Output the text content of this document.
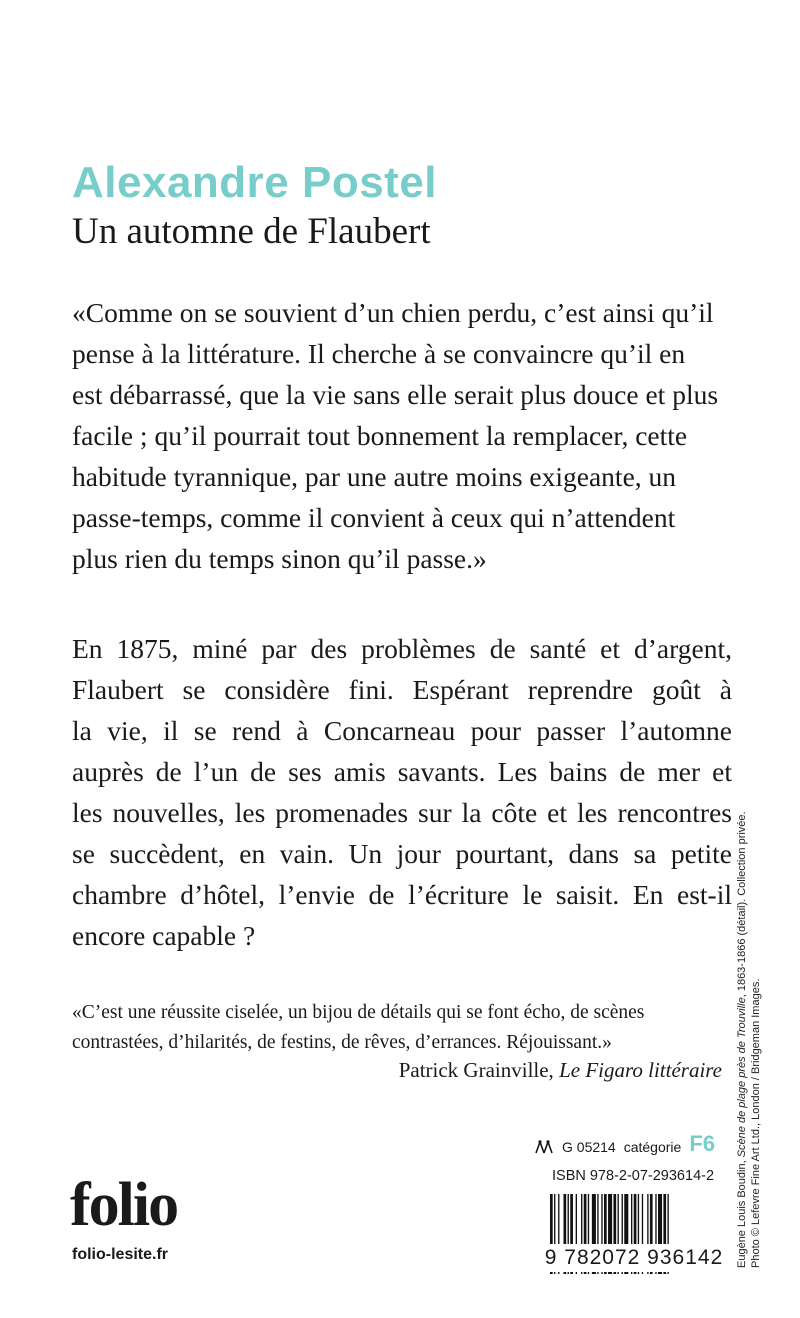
Alexandre Postel
Un automne de Flaubert
«Comme on se souvient d’un chien perdu, c’est ainsi qu’il
pense à la littérature. Il cherche à se convaincre qu’il en
est débarrassé, que la vie sans elle serait plus douce et plus
facile ; qu’il pourrait tout bonnement la remplacer, cette
habitude tyrannique, par une autre moins exigeante, un
passe-temps, comme il convient à ceux qui n’attendent
plus rien du temps sinon qu’il passe.»
En 1875, miné par des problèmes de santé et d’argent,
Flaubert se considère fini. Espérant reprendre goût à
la vie, il se rend à Concarneau pour passer l’automne
auprès de l’un de ses amis savants. Les bains de mer et
les nouvelles, les promenades sur la côte et les rencontres
se succèdent, en vain. Un jour pourtant, dans sa petite
chambre d’hôtel, l’envie de l’écriture le saisit. En est-il
encore capable ?
«C’est une réussite ciselée, un bijou de détails qui se font écho, de scènes
contrastées, d’hilarités, de festins, de rêves, d’errances. Réjouissant.»
Patrick Grainville, Le Figaro littéraire
G 05214 catégorie F6
ISBN 978-2-07-293614-2
9 782072 936142
folio
folio-lesite.fr	Eugène Louis Boudin, Scène de plage près de Trouville, 1863-1866 (détail). Collection privée.
Photo © Lefevre Fine Art Ltd., London / Bridgeman Images.
